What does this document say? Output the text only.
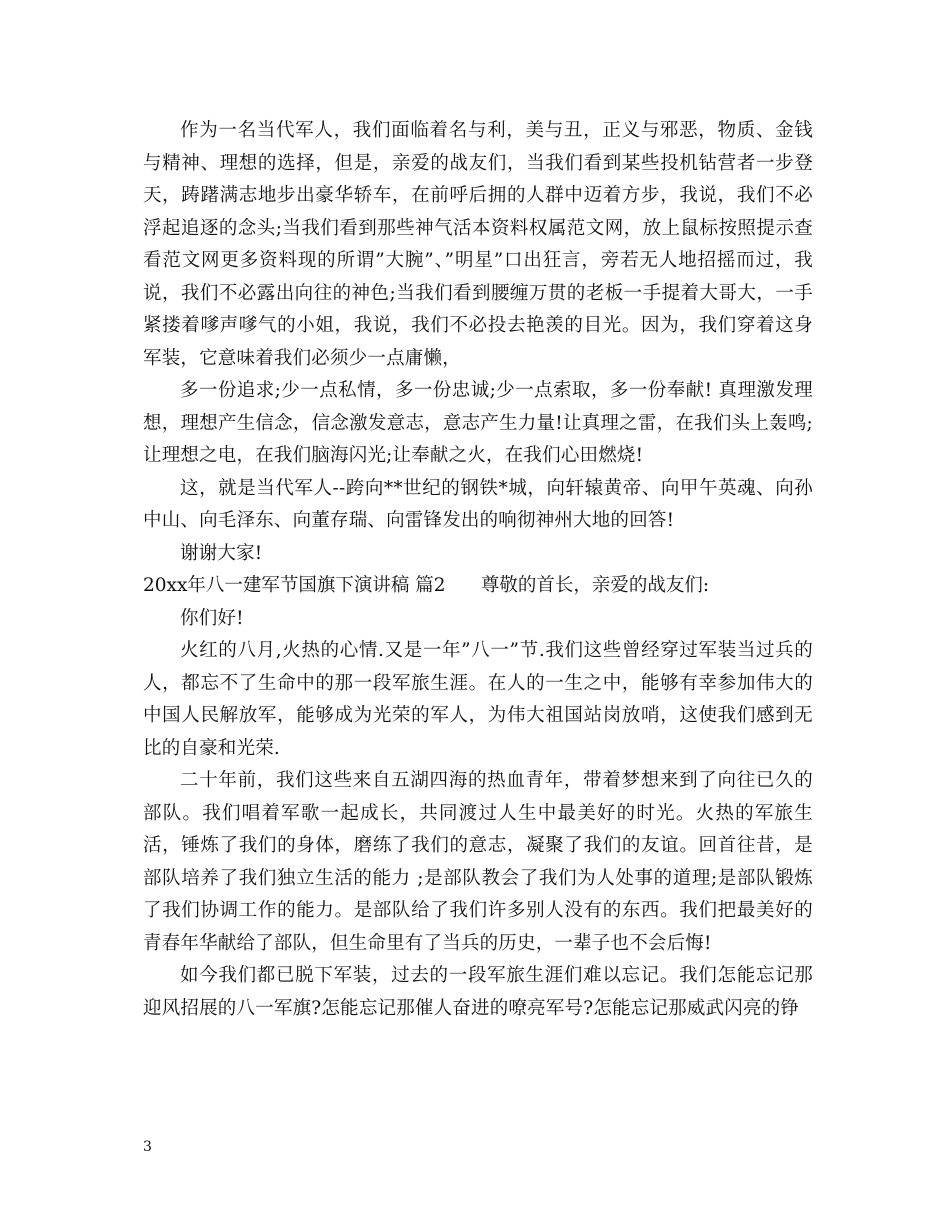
作为一名当代军人，我们面临着名与利，美与丑，正义与邪恶，物质、金钱与精神、理想的选择，但是，亲爱的战友们，当我们看到某些投机钻营者一步登天，踌躇满志地步出豪华轿车，在前呼后拥的人群中迈着方步，我说，我们不必浮起追逐的念头;当我们看到那些神气活本资料权属范文网，放上鼠标按照提示查看范文网更多资料现的所谓”大腕”、”明星”口出狂言，旁若无人地招摇而过，我说，我们不必露出向往的神色;当我们看到腰缠万贯的老板一手提着大哥大，一手紧搂着嗲声嗲气的小姐，我说，我们不必投去艳羡的目光。因为，我们穿着这身军装，它意味着我们必须少一点庸懒，

多一份追求;少一点私情，多一份忠诚;少一点索取，多一份奉献! 真理激发理想，理想产生信念，信念激发意志，意志产生力量!让真理之雷，在我们头上轰鸣;让理想之电，在我们脑海闪光;让奉献之火，在我们心田燃烧!

这，就是当代军人--跨向**世纪的钢铁*城，向轩辕黄帝、向甲午英魂、向孙中山、向毛泽东、向董存瑞、向雷锋发出的响彻神州大地的回答!

谢谢大家!

20xx年八一建军节国旗下演讲稿 篇2      尊敬的首长，亲爱的战友们:

你们好!

火红的八月,火热的心情.又是一年”八一”节.我们这些曾经穿过军装当过兵的人，都忘不了生命中的那一段军旅生涯。在人的一生之中，能够有幸参加伟大的中国人民解放军，能够成为光荣的军人，为伟大祖国站岗放哨，这使我们感到无比的自豪和光荣.

二十年前，我们这些来自五湖四海的热血青年，带着梦想来到了向往已久的部队。我们唱着军歌一起成长，共同渡过人生中最美好的时光。火热的军旅生活，锤炼了我们的身体，磨练了我们的意志，凝聚了我们的友谊。回首往昔，是部队培养了我们独立生活的能力 ;是部队教会了我们为人处事的道理;是部队锻炼了我们协调工作的能力。是部队给了我们许多别人没有的东西。我们把最美好的青春年华献给了部队，但生命里有了当兵的历史，一辈子也不会后悔!

如今我们都已脱下军装，过去的一段军旅生涯们难以忘记。我们怎能忘记那迎风招展的八一军旗?怎能忘记那催人奋进的嘹亮军号?怎能忘记那威武闪亮的铮

3
